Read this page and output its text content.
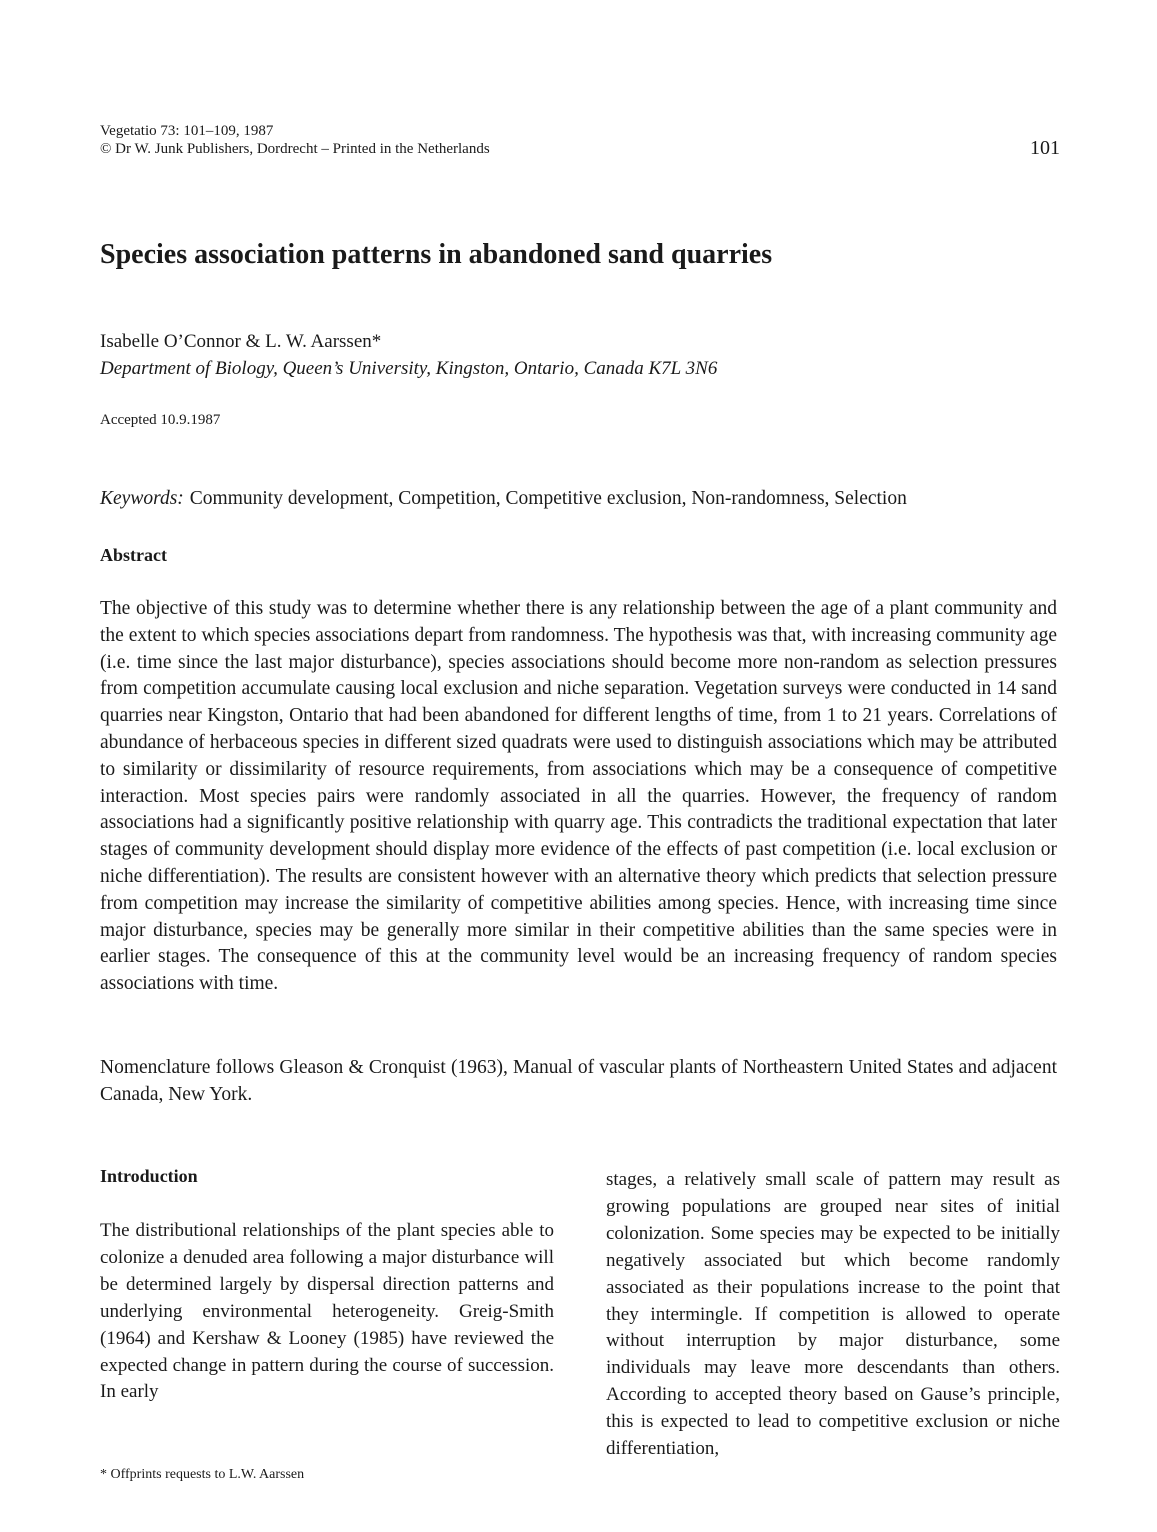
Vegetatio 73: 101–109, 1987
© Dr W. Junk Publishers, Dordrecht – Printed in the Netherlands	101
Species association patterns in abandoned sand quarries
Isabelle O’Connor & L. W. Aarssen*
Department of Biology, Queen’s University, Kingston, Ontario, Canada K7L 3N6
Accepted 10.9.1987
Keywords: Community development, Competition, Competitive exclusion, Non-randomness, Selection
Abstract

The objective of this study was to determine whether there is any relationship between the age of a plant community and the extent to which species associations depart from randomness. The hypothesis was that, with increasing community age (i.e. time since the last major disturbance), species associations should become more non-random as selection pressures from competition accumulate causing local exclusion and niche separation. Vegetation surveys were conducted in 14 sand quarries near Kingston, Ontario that had been abandoned for different lengths of time, from 1 to 21 years. Correlations of abundance of herbaceous species in different sized quadrats were used to distinguish associations which may be attributed to similarity or dissimilarity of resource requirements, from associations which may be a consequence of competitive interaction. Most species pairs were randomly associated in all the quarries. However, the frequency of random associations had a significantly positive relationship with quarry age. This contradicts the traditional expectation that later stages of community development should display more evidence of the effects of past competition (i.e. local exclusion or niche differentiation). The results are consistent however with an alternative theory which predicts that selection pressure from competition may increase the similarity of competitive abilities among species. Hence, with increasing time since major disturbance, species may be generally more similar in their competitive abilities than the same species were in earlier stages. The consequence of this at the community level would be an increasing frequency of random species associations with time.

Nomenclature follows Gleason & Cronquist (1963), Manual of vascular plants of Northeastern United States and adjacent Canada, New York.

Introduction

The distributional relationships of the plant species able to colonize a denuded area following a major disturbance will be determined largely by dispersal direction patterns and underlying environmental heterogeneity. Greig-Smith (1964) and Kershaw & Looney (1985) have reviewed the expected change in pattern during the course of succession. In early

stages, a relatively small scale of pattern may result as growing populations are grouped near sites of initial colonization. Some species may be expected to be initially negatively associated but which become randomly associated as their populations increase to the point that they intermingle. If competition is allowed to operate without interruption by major disturbance, some individuals may leave more descendants than others. According to accepted theory based on Gause’s principle, this is expected to lead to competitive exclusion or niche differentiation,

* Offprints requests to L.W. Aarssen
